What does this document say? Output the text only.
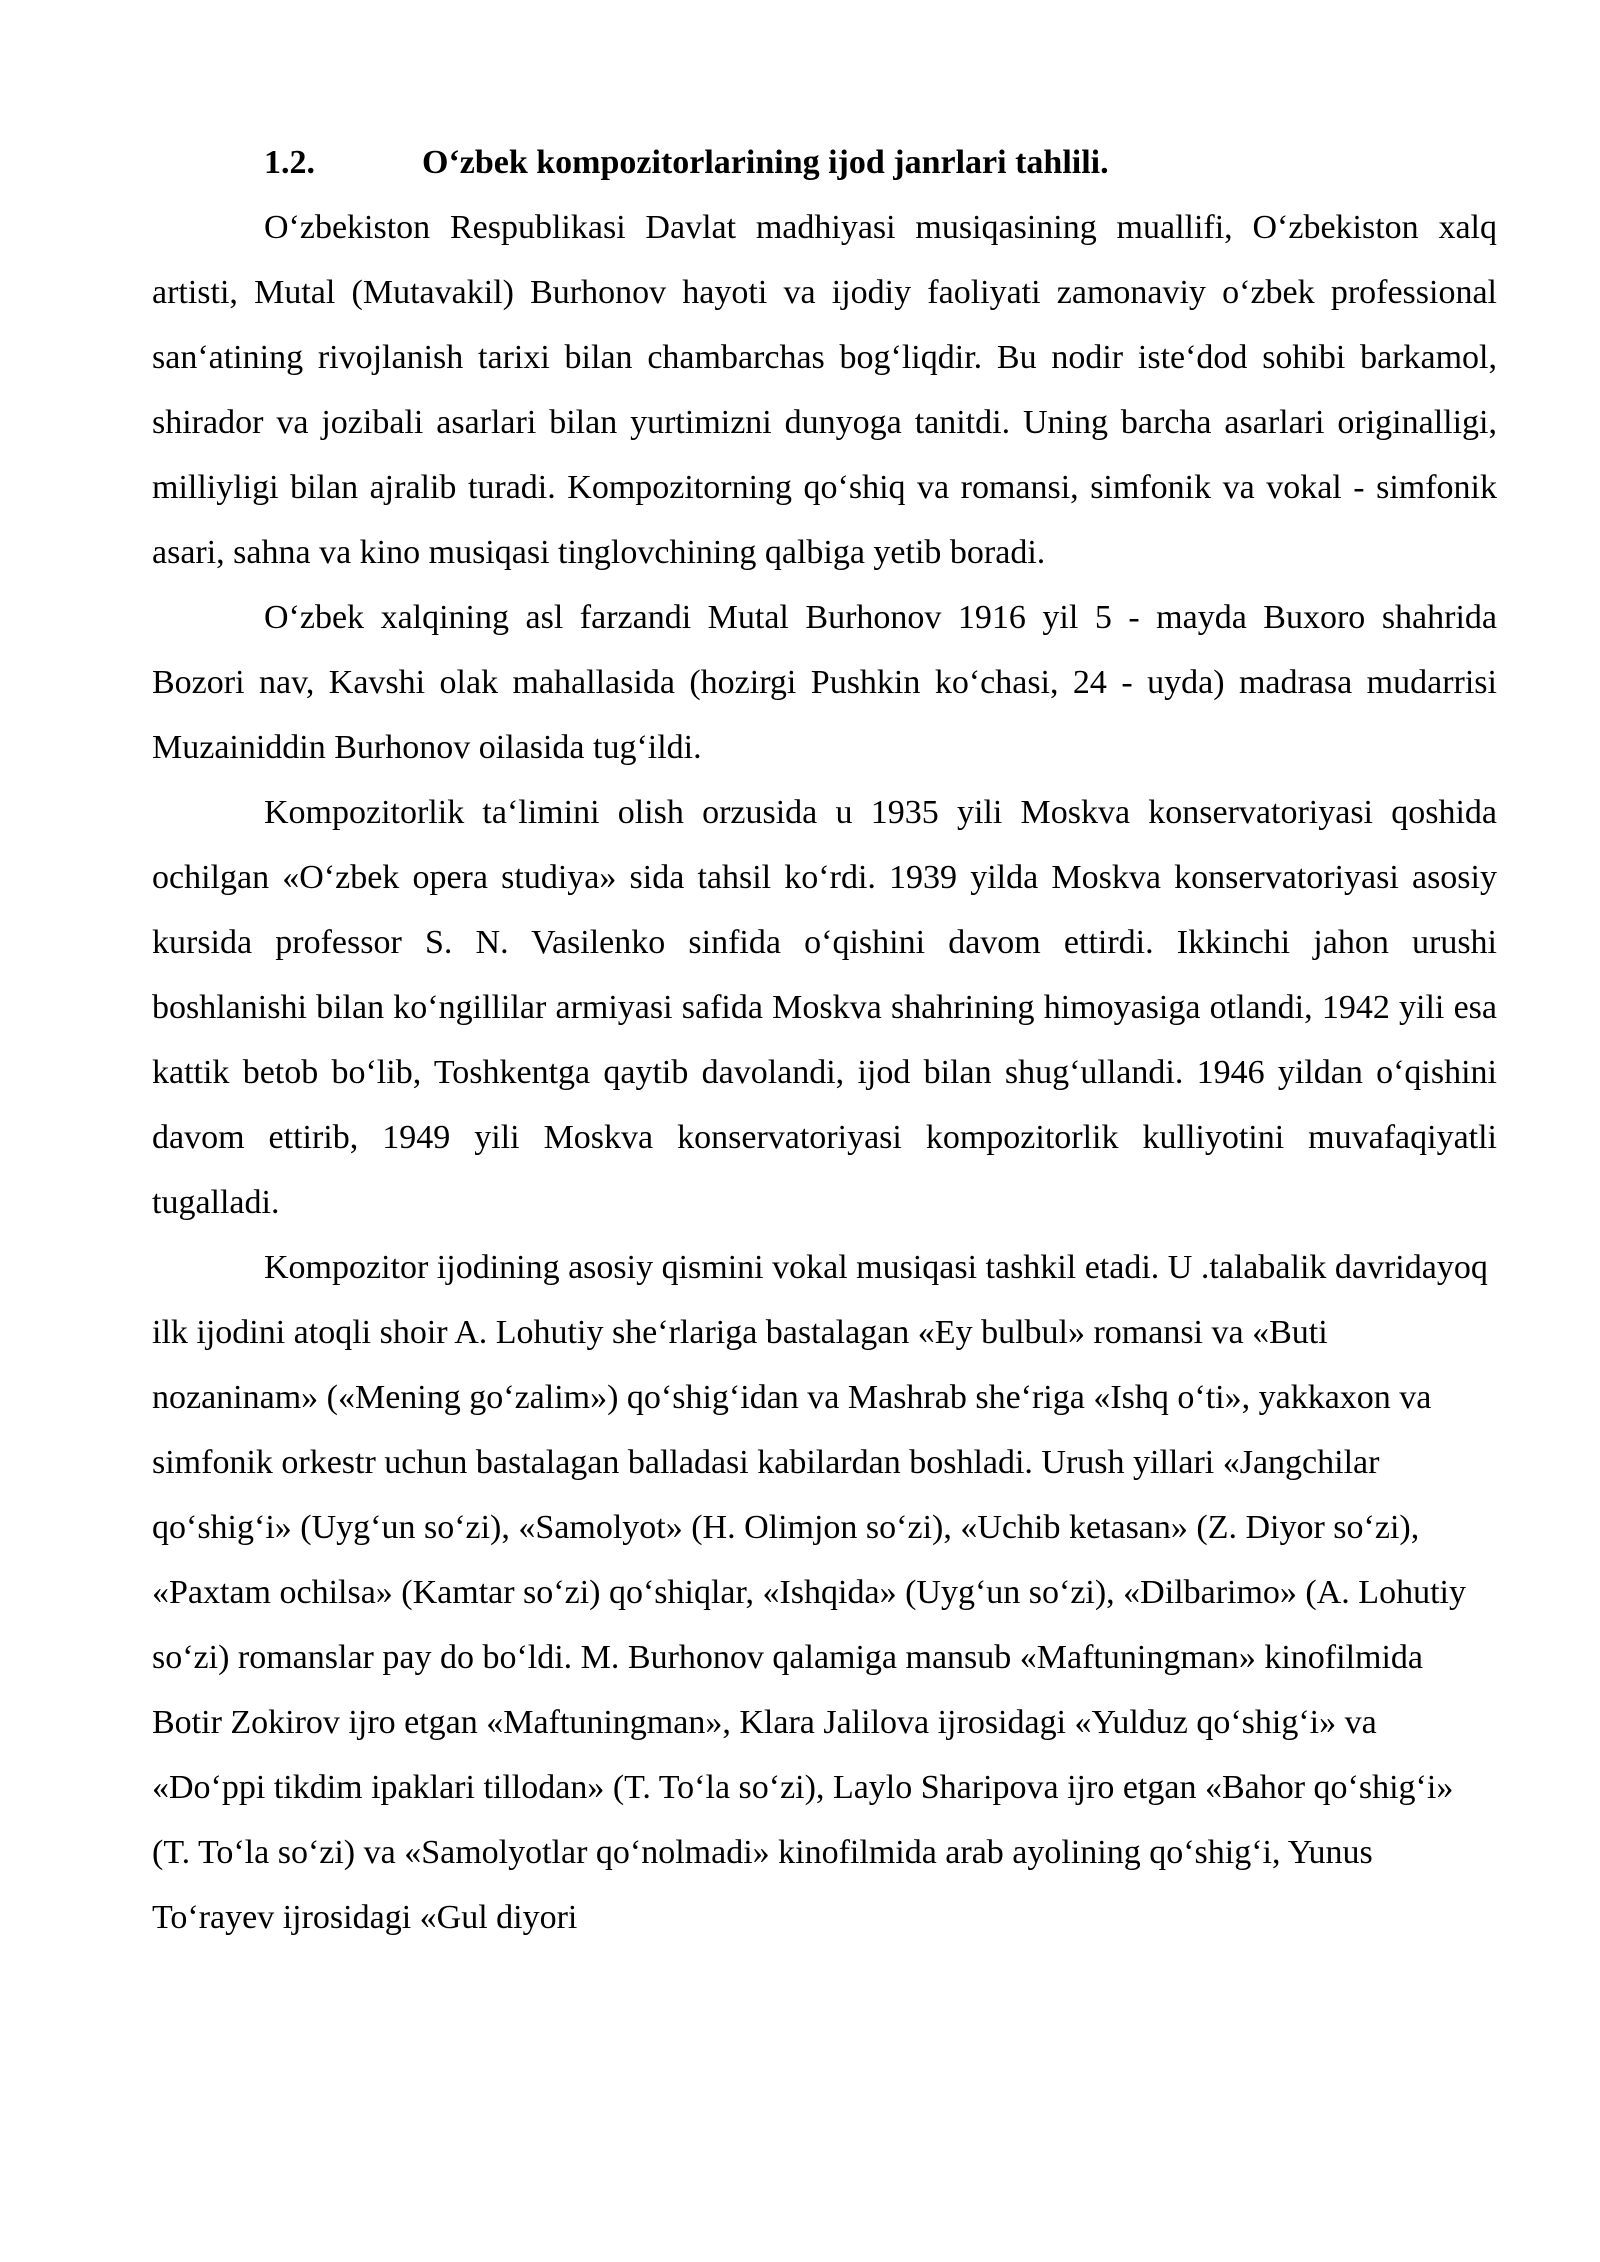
1.2.	O‘zbek kompozitorlarining ijod janrlari tahlili.

O‘zbekiston Respublikasi Davlat madhiyasi musiqasining muallifi, O‘zbekiston xalq artisti, Mutal (Mutavakil) Burhonov hayoti va ijodiy faoliyati zamonaviy o‘zbek professional san‘atining rivojlanish tarixi bilan chambarchas bog‘liqdir. Bu nodir iste‘dod sohibi barkamol, shirador va jozibali asarlari bilan yurtimizni dunyoga tanitdi. Uning barcha asarlari originalligi, milliyligi bilan ajralib turadi. Kompozitorning qo‘shiq va romansi, simfonik va vokal - simfonik asari, sahna va kino musiqasi tinglovchining qalbiga yetib boradi.

O‘zbek xalqining asl farzandi Mutal Burhonov 1916 yil 5 - mayda Buxoro shahrida Bozori nav, Kavshi olak mahallasida (hozirgi Pushkin ko‘chasi, 24 - uyda) madrasa mudarrisi Muzainiddin Burhonov oilasida tug‘ildi.

Kompozitorlik ta‘limini olish orzusida u 1935 yili Moskva konservatoriyasi qoshida ochilgan «O‘zbek opera studiya» sida tahsil ko‘rdi. 1939 yilda Moskva konservatoriyasi asosiy kursida professor S. N. Vasilenko sinfida o‘qishini davom ettirdi. Ikkinchi jahon urushi boshlanishi bilan ko‘ngillilar armiyasi safida Moskva shahrining himoyasiga otlandi, 1942 yili esa kattik betob bo‘lib, Toshkentga qaytib davolandi, ijod bilan shug‘ullandi. 1946 yildan o‘qishini davom ettirib, 1949 yili Moskva konservatoriyasi kompozitorlik kulliyotini muvafaqiyatli tugalladi.

Kompozitor ijodining asosiy qismini vokal musiqasi tashkil etadi. U .talabalik davridayoq ilk ijodini atoqli shoir A. Lohutiy she‘rlariga bastalagan «Ey bulbul» romansi va «Buti nozaninam» («Mening go‘zalim») qo‘shig‘idan va Mashrab she‘riga «Ishq o‘ti», yakkaxon va simfonik orkestr uchun bastalagan balladasi kabilardan boshladi. Urush yillari «Jangchilar qo‘shig‘i» (Uyg‘un so‘zi), «Samolyot» (H. Olimjon so‘zi), «Uchib ketasan» (Z. Diyor so‘zi), «Paxtam ochilsa» (Kamtar so‘zi) qo‘shiqlar, «Ishqida» (Uyg‘un so‘zi), «Dilbarimo» (A. Lohutiy so‘zi) romanslar pay do bo‘ldi. M. Burhonov qalamiga mansub «Maftuningman» kinofilmida Botir Zokirov ijro etgan «Maftuningman», Klara Jalilova ijrosidagi «Yulduz qo‘shig‘i» va «Do‘ppi tikdim ipaklari tillodan» (T. To‘la so‘zi), Laylo Sharipova ijro etgan «Bahor qo‘shig‘i» (T. To‘la so‘zi) va «Samolyotlar qo‘nolmadi» kinofilmida arab ayolining qo‘shig‘i, Yunus To‘rayev ijrosidagi «Gul diyori
